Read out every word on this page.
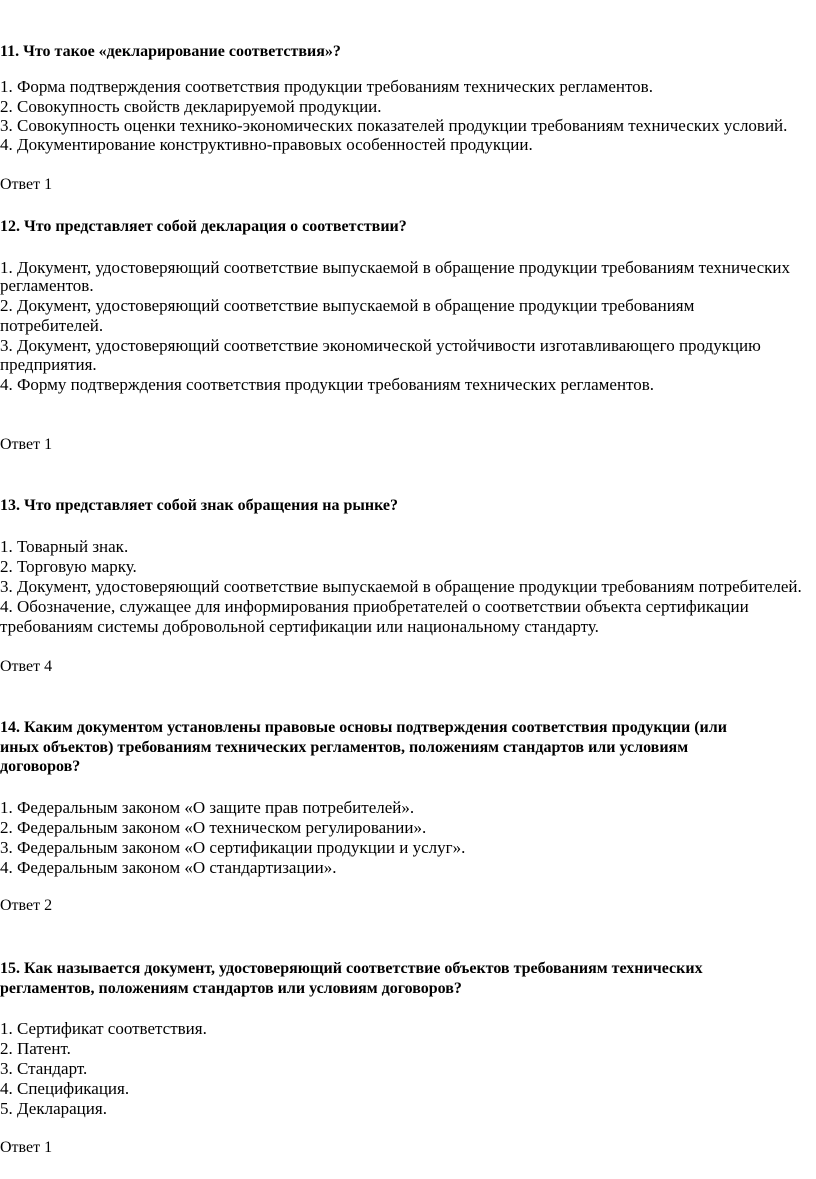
11. Что такое «декларирование соответствия»?

1. Форма подтверждения соответствия продукции требованиям технических регламентов.

2. Совокупность свойств декларируемой продукции.

3. Совокупность оценки технико-экономических показателей продукции требованиям технических условий.

4. Документирование конструктивно-правовых особенностей продукции.

Ответ 1

12. Что представляет собой декларация о соответствии?

1. Документ, удостоверяющий соответствие выпускаемой в обращение продукции требованиям технических

регламентов.

2. Документ, удостоверяющий соответствие выпускаемой в обращение продукции требованиям

потребителей.

3. Документ, удостоверяющий соответствие экономической устойчивости изготавливающего продукцию

предприятия.

4. Форму подтверждения соответствия продукции требованиям технических регламентов.

Ответ 1

13. Что представляет собой знак обращения на рынке?

1. Товарный знак.

2. Торговую марку.

3. Документ, удостоверяющий соответствие выпускаемой в обращение продукции требованиям потребителей.

4. Обозначение, служащее для информирования приобретателей о соответствии объекта сертификации

требованиям системы добровольной сертификации или национальному стандарту.

Ответ 4

14. Каким документом установлены правовые основы подтверждения соответствия продукции (или

иных объектов) требованиям технических регламентов, положениям стандартов или условиям

договоров?

1. Федеральным законом «О защите прав потребителей».

2. Федеральным законом «О техническом регулировании».

3. Федеральным законом «О сертификации продукции и услуг».

4. Федеральным законом «О стандартизации».

Ответ 2

15. Как называется документ, удостоверяющий соответствие объектов требованиям технических

регламентов, положениям стандартов или условиям договоров?

1. Сертификат соответствия.

2. Патент.

3. Стандарт.

4. Спецификация.

5. Декларация.

Ответ 1
